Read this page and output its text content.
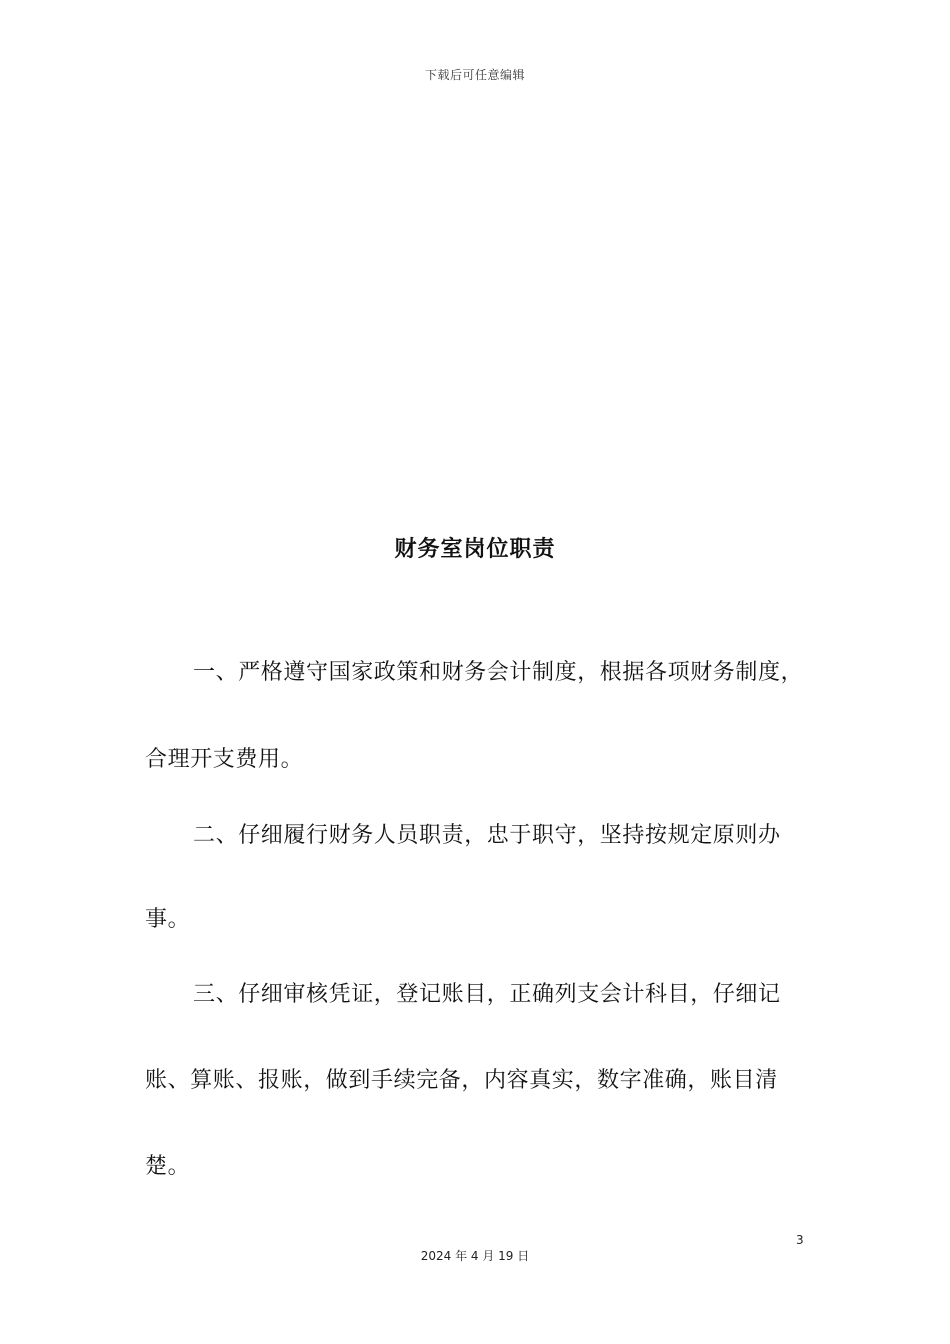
下载后可任意编辑
财务室岗位职责
一、严格遵守国家政策和财务会计制度，根据各项财务制度，
合理开支费用。
二、仔细履行财务人员职责，忠于职守，坚持按规定原则办
事。
三、仔细审核凭证，登记账目，正确列支会计科目，仔细记
账、算账、报账，做到手续完备，内容真实，数字准确，账目清
楚。
3
2024 年 4 月 19 日
